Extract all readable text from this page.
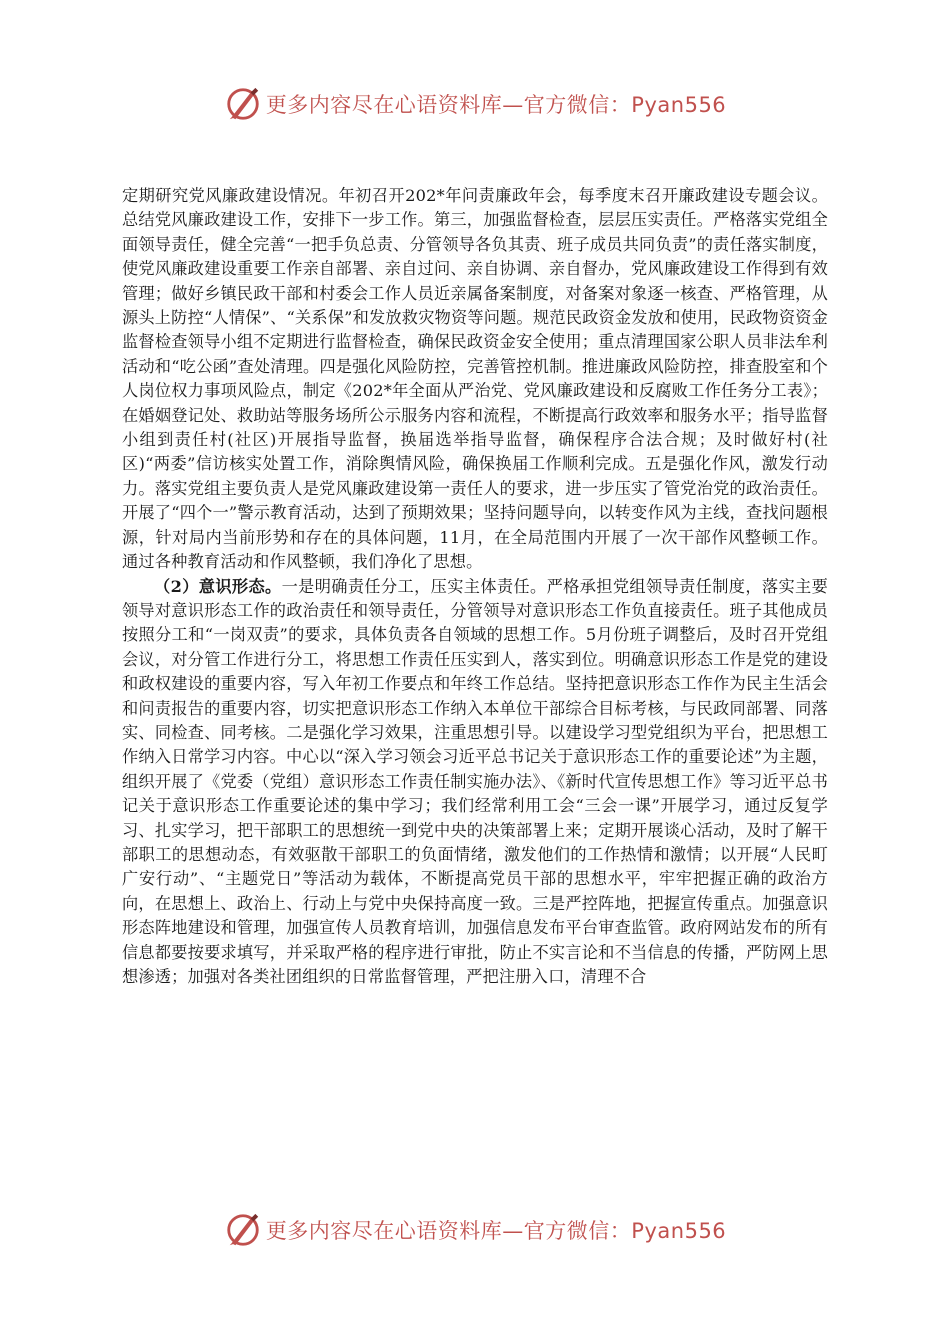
更多内容尽在心语资料库—官方微信：Pyan556

定期研究党风廉政建设情况。年初召开202*年问责廉政年会，每季度末召开廉政建设专题会议。总结党风廉政建设工作，安排下一步工作。第三，加强监督检查，层层压实责任。严格落实党组全面领导责任，健全完善“一把手负总责、分管领导各负其责、班子成员共同负责”的责任落实制度，使党风廉政建设重要工作亲自部署、亲自过问、亲自协调、亲自督办，党风廉政建设工作得到有效管理；做好乡镇民政干部和村委会工作人员近亲属备案制度，对备案对象逐一核查、严格管理，从源头上防控“人情保”、“关系保”和发放救灾物资等问题。规范民政资金发放和使用，民政物资资金监督检查领导小组不定期进行监督检查，确保民政资金安全使用；重点清理国家公职人员非法牟利活动和“吃公函”查处清理。四是强化风险防控，完善管控机制。推进廉政风险防控，排查股室和个人岗位权力事项风险点，制定《202*年全面从严治党、党风廉政建设和反腐败工作任务分工表》；在婚姻登记处、救助站等服务场所公示服务内容和流程，不断提高行政效率和服务水平；指导监督小组到责任村(社区)开展指导监督，换届选举指导监督，确保程序合法合规；及时做好村(社区)“两委”信访核实处置工作，消除舆情风险，确保换届工作顺利完成。五是强化作风，激发行动力。落实党组主要负责人是党风廉政建设第一责任人的要求，进一步压实了管党治党的政治责任。开展了“四个一”警示教育活动，达到了预期效果；坚持问题导向，以转变作风为主线，查找问题根源，针对局内当前形势和存在的具体问题，11月，在全局范围内开展了一次干部作风整顿工作。通过各种教育活动和作风整顿，我们净化了思想。

（2）意识形态。一是明确责任分工，压实主体责任。严格承担党组领导责任制度，落实主要领导对意识形态工作的政治责任和领导责任，分管领导对意识形态工作负直接责任。班子其他成员按照分工和“一岗双责”的要求，具体负责各自领域的思想工作。5月份班子调整后，及时召开党组会议，对分管工作进行分工，将思想工作责任压实到人，落实到位。明确意识形态工作是党的建设和政权建设的重要内容，写入年初工作要点和年终工作总结。坚持把意识形态工作作为民主生活会和问责报告的重要内容，切实把意识形态工作纳入本单位干部综合目标考核，与民政同部署、同落实、同检查、同考核。二是强化学习效果，注重思想引导。以建设学习型党组织为平台，把思想工作纳入日常学习内容。中心以“深入学习领会习近平总书记关于意识形态工作的重要论述”为主题，组织开展了《党委（党组）意识形态工作责任制实施办法》、《新时代宣传思想工作》等习近平总书记关于意识形态工作重要论述的集中学习；我们经常利用工会“三会一课”开展学习，通过反复学习、扎实学习，把干部职工的思想统一到党中央的决策部署上来；定期开展谈心活动，及时了解干部职工的思想动态，有效驱散干部职工的负面情绪，激发他们的工作热情和激情；以开展“人民町广安行动”、“主题党日”等活动为载体，不断提高党员干部的思想水平，牢牢把握正确的政治方向，在思想上、政治上、行动上与党中央保持高度一致。三是严控阵地，把握宣传重点。加强意识形态阵地建设和管理，加强宣传人员教育培训，加强信息发布平台审查监管。政府网站发布的所有信息都要按要求填写，并采取严格的程序进行审批，防止不实言论和不当信息的传播，严防网上思想渗透；加强对各类社团组织的日常监督管理，严把注册入口，清理不合

更多内容尽在心语资料库—官方微信：Pyan556
